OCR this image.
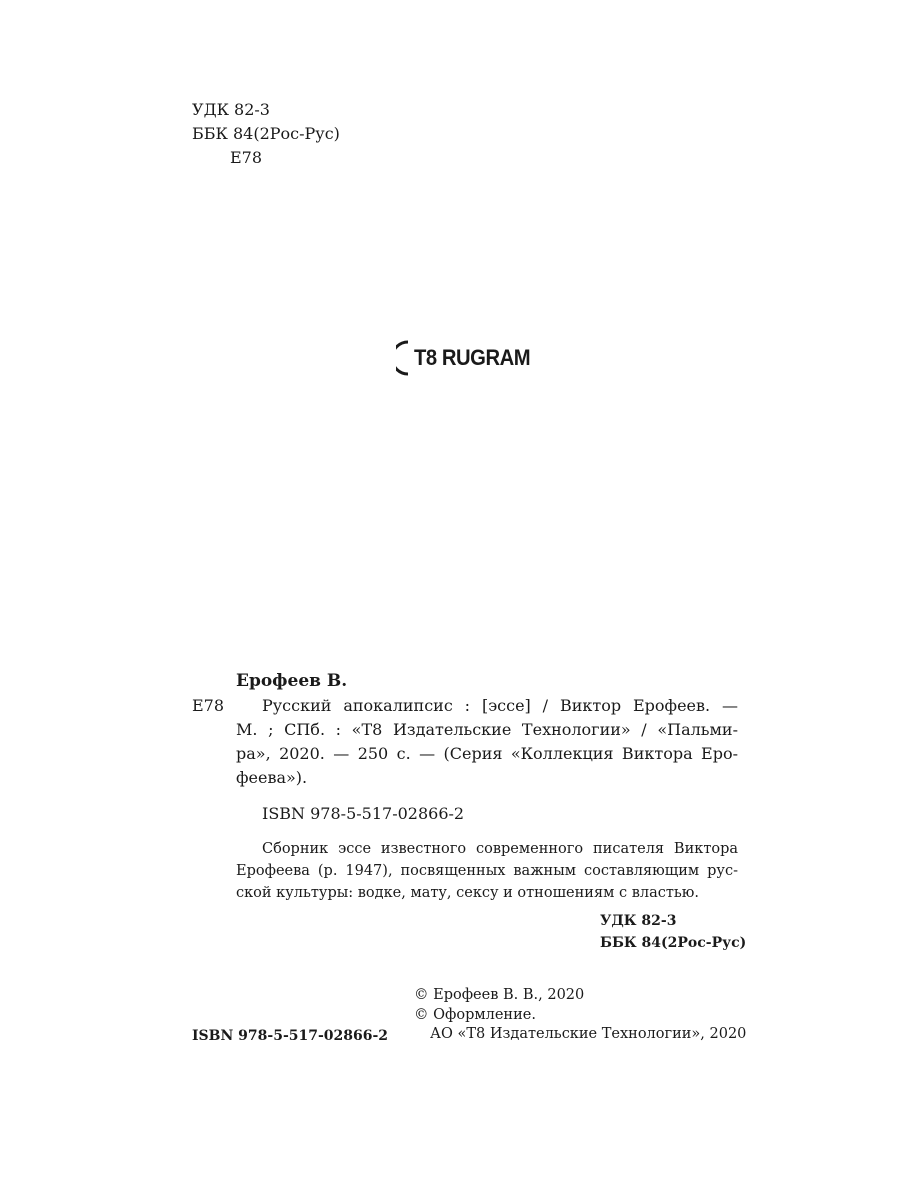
УДК 82-3
ББК 84(2Рос-Рус)
Е78
T8 RUGRAM
Ерофеев В.
Е78	Русский апокалипсис : [эссе] / Виктор Ерофеев. —
М. ; СПб. : «Т8 Издательские Технологии» / «Пальми-
ра», 2020. — 250 с. — (Серия «Коллекция Виктора Еро-
феева»).
ISBN 978-5-517-02866-2
Сборник эссе известного современного писателя Виктора
Ерофеева (р. 1947), посвященных важным составляющим рус-
ской культуры: водке, мату, сексу и отношениям с властью.
УДК 82-3
ББК 84(2Рос-Рус)
ISBN 978-5-517-02866-2
© Ерофеев В. В., 2020
© Оформление.
АО «Т8 Издательские Технологии», 2020
